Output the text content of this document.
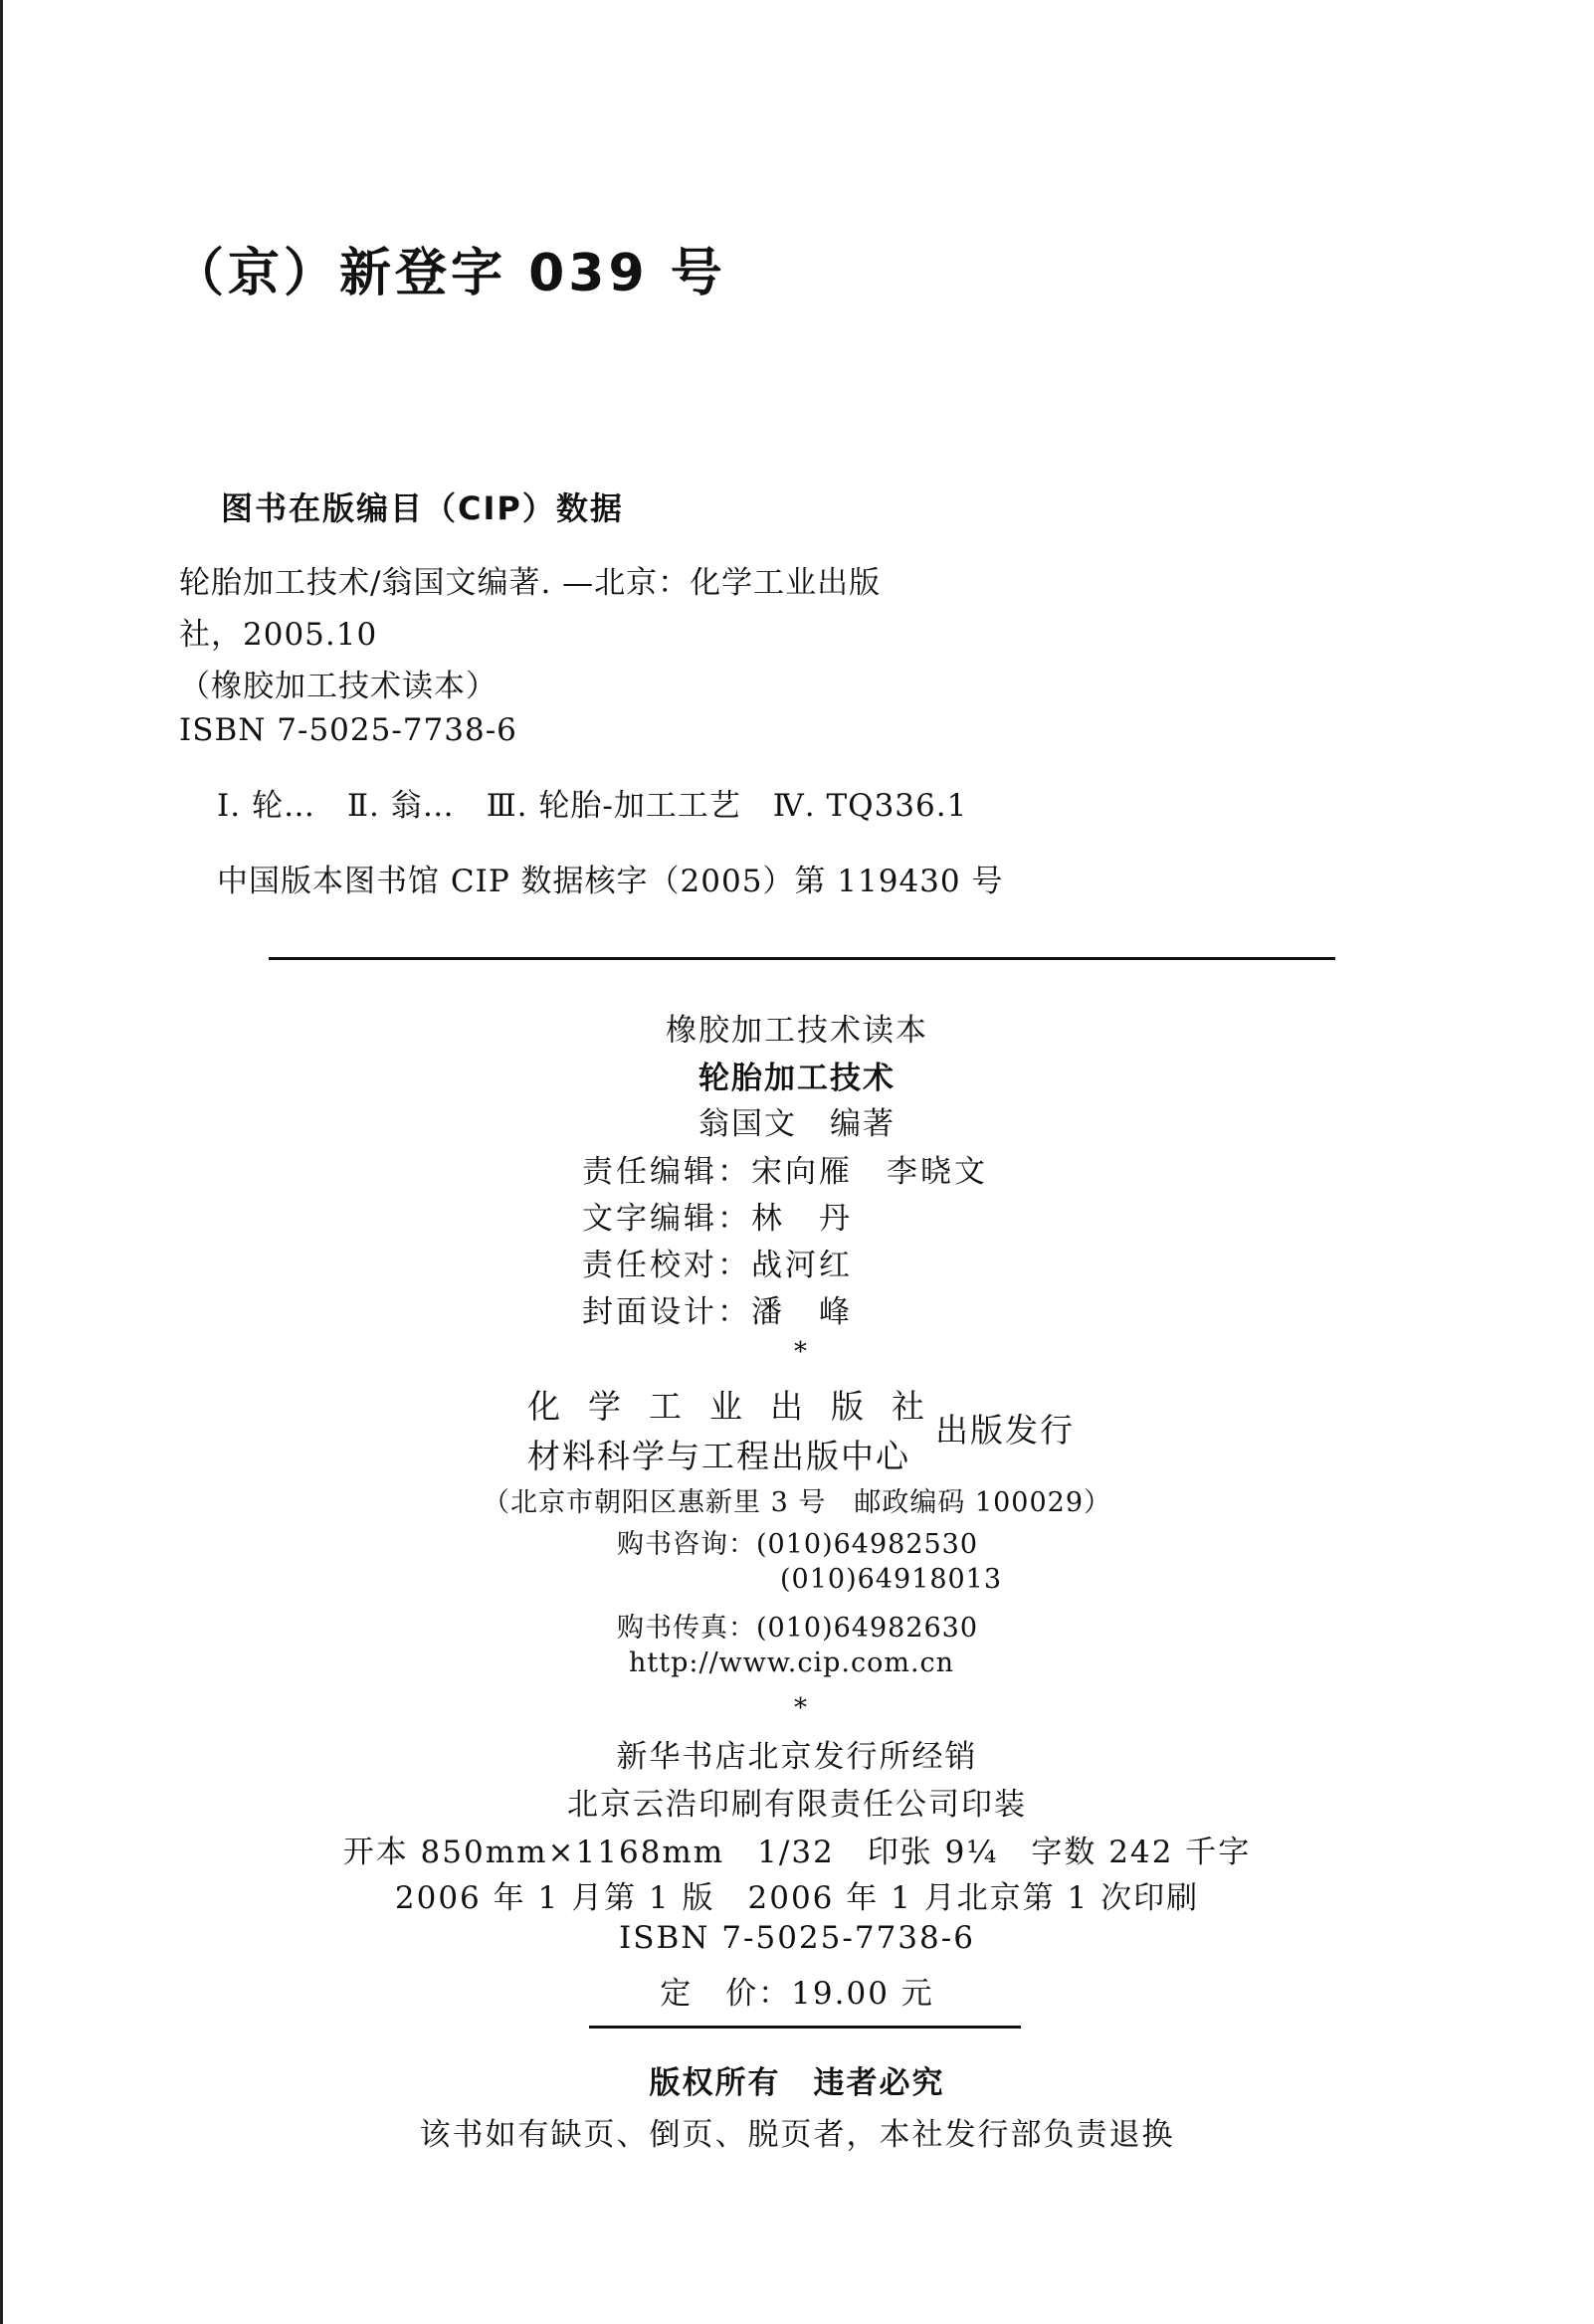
（京）新登字 039 号
图书在版编目（CIP）数据
轮胎加工技术/翁国文编著. —北京：化学工业出版
社，2005.10
（橡胶加工技术读本）
ISBN 7-5025-7738-6
Ⅰ. 轮…　Ⅱ. 翁…　Ⅲ. 轮胎-加工工艺　Ⅳ. TQ336.1
中国版本图书馆 CIP 数据核字（2005）第 119430 号
橡胶加工技术读本
轮胎加工技术
翁国文　编著
责任编辑：宋向雁　李晓文
文字编辑：林　丹
责任校对：战河红
封面设计：潘　峰
*
化学工业出版社
材料科学与工程出版中心
出版发行
（北京市朝阳区惠新里 3 号　邮政编码 100029）
购书咨询：(010)64982530
(010)64918013
购书传真：(010)64982630
http://www.cip.com.cn
*
新华书店北京发行所经销
北京云浩印刷有限责任公司印装
开本 850mm×1168mm　1/32　印张 9¼　字数 242 千字
2006 年 1 月第 1 版　2006 年 1 月北京第 1 次印刷
ISBN 7-5025-7738-6
定　价：19.00 元
版权所有　违者必究
该书如有缺页、倒页、脱页者，本社发行部负责退换
